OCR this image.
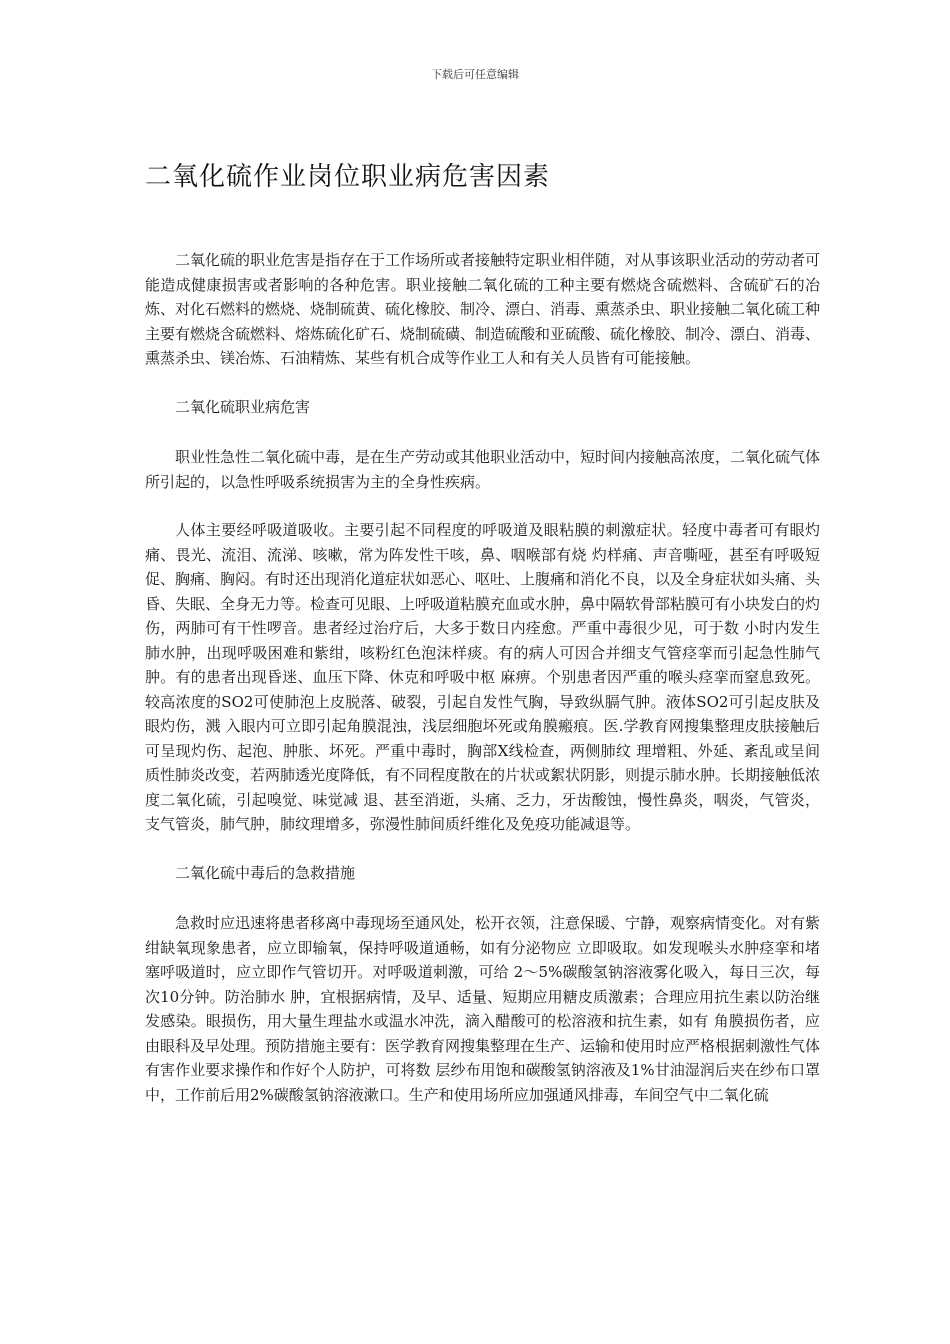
下载后可任意编辑
二氧化硫作业岗位职业病危害因素

二氧化硫的职业危害是指存在于工作场所或者接触特定职业相伴随，对从事该职业活动的劳动者可能造成健康损害或者影响的各种危害。职业接触二氧化硫的工种主要有燃烧含硫燃料、含硫矿石的冶炼、对化石燃料的燃烧、烧制硫黄、硫化橡胶、制冷、漂白、消毒、熏蒸杀虫、职业接触二氧化硫工种主要有燃烧含硫燃料、熔炼硫化矿石、烧制硫磺、制造硫酸和亚硫酸、硫化橡胶、制冷、漂白、消毒、熏蒸杀虫、镁冶炼、石油精炼、某些有机合成等作业工人和有关人员皆有可能接触。

二氧化硫职业病危害

职业性急性二氧化硫中毒，是在生产劳动或其他职业活动中，短时间内接触高浓度，二氧化硫气体所引起的，以急性呼吸系统损害为主的全身性疾病。

人体主要经呼吸道吸收。主要引起不同程度的呼吸道及眼粘膜的刺激症状。轻度中毒者可有眼灼痛、畏光、流泪、流涕、咳嗽，常为阵发性干咳，鼻、咽喉部有烧 灼样痛、声音嘶哑，甚至有呼吸短促、胸痛、胸闷。有时还出现消化道症状如恶心、呕吐、上腹痛和消化不良，以及全身症状如头痛、头昏、失眠、全身无力等。检查可见眼、上呼吸道粘膜充血或水肿，鼻中隔软骨部粘膜可有小块发白的灼伤，两肺可有干性啰音。患者经过治疗后，大多于数日内痊愈。严重中毒很少见，可于数 小时内发生肺水肿，出现呼吸困难和紫绀，咳粉红色泡沫样痰。有的病人可因合并细支气管痉挛而引起急性肺气肿。有的患者出现昏迷、血压下降、休克和呼吸中枢 麻痹。个别患者因严重的喉头痉挛而窒息致死。较高浓度的SO2可使肺泡上皮脱落、破裂，引起自发性气胸，导致纵膈气肿。液体SO2可引起皮肤及眼灼伤，溅 入眼内可立即引起角膜混浊，浅层细胞坏死或角膜瘢痕。医.学教育网搜集整理皮肤接触后可呈现灼伤、起泡、肿胀、坏死。严重中毒时，胸部X线检查，两侧肺纹 理增粗、外延、紊乱或呈间质性肺炎改变，若两肺透光度降低，有不同程度散在的片状或絮状阴影，则提示肺水肿。长期接触低浓度二氧化硫，引起嗅觉、味觉减 退、甚至消逝，头痛、乏力，牙齿酸蚀，慢性鼻炎，咽炎，气管炎，支气管炎，肺气肿，肺纹理增多，弥漫性肺间质纤维化及免疫功能减退等。

二氧化硫中毒后的急救措施

急救时应迅速将患者移离中毒现场至通风处，松开衣领，注意保暖、宁静，观察病情变化。对有紫绀缺氧现象患者，应立即输氧，保持呼吸道通畅，如有分泌物应 立即吸取。如发现喉头水肿痉挛和堵塞呼吸道时，应立即作气管切开。对呼吸道刺激，可给 2～5%碳酸氢钠溶液雾化吸入，每日三次，每次10分钟。防治肺水 肿，宜根据病情，及早、适量、短期应用糖皮质激素；合理应用抗生素以防治继发感染。眼损伤，用大量生理盐水或温水冲洗，滴入醋酸可的松溶液和抗生素，如有 角膜损伤者，应由眼科及早处理。预防措施主要有：医学教育网搜集整理在生产、运输和使用时应严格根据刺激性气体有害作业要求操作和作好个人防护，可将数 层纱布用饱和碳酸氢钠溶液及1%甘油湿润后夹在纱布口罩中，工作前后用2%碳酸氢钠溶液漱口。生产和使用场所应加强通风排毒，车间空气中二氧化硫
